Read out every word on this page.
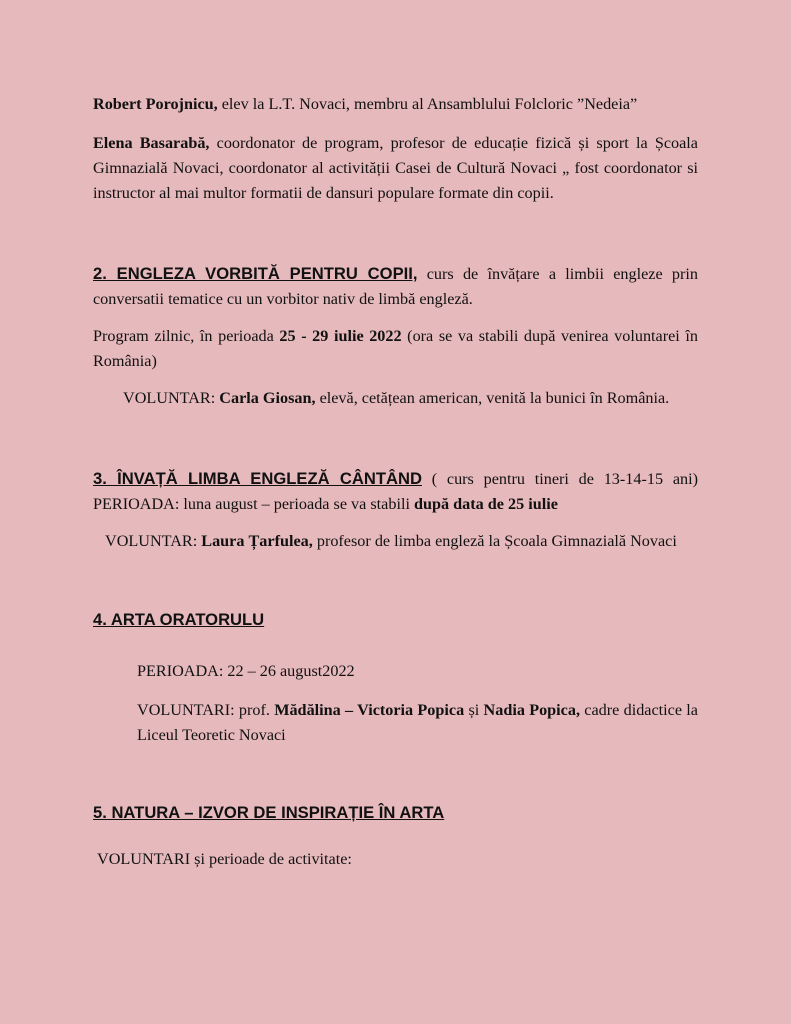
Robert Porojnicu, elev la L.T. Novaci, membru al Ansamblului Folcloric ”Nedeia”

Elena Basarabă, coordonator de program, profesor de educație fizică și sport la Școala Gimnazială Novaci, coordonator al activității Casei de Cultură Novaci „ fost coordonator si instructor al mai multor formatii de dansuri populare formate din copii.

2. ENGLEZA VORBITĂ PENTRU COPII, curs de învățare a limbii engleze prin conversatii tematice cu un vorbitor nativ de limbă engleză.

Program zilnic, în perioada 25 - 29 iulie 2022 (ora se va stabili după venirea voluntarei în România)

VOLUNTAR: Carla Giosan, elevă, cetățean american, venită la bunici în România.

3. ÎNVAȚĂ LIMBA ENGLEZĂ CÂNTÂND ( curs pentru tineri de 13-14-15 ani) PERIOADA: luna august – perioada se va stabili după data de 25 iulie

VOLUNTAR: Laura Țarfulea, profesor de limba engleză la Școala Gimnazială Novaci

4. ARTA ORATORULU

PERIOADA: 22 – 26 august2022

VOLUNTARI: prof. Mădălina – Victoria Popica și Nadia Popica, cadre didactice la Liceul Teoretic Novaci

5. NATURA – IZVOR DE INSPIRAȚIE ÎN ARTA

VOLUNTARI și perioade de activitate:
